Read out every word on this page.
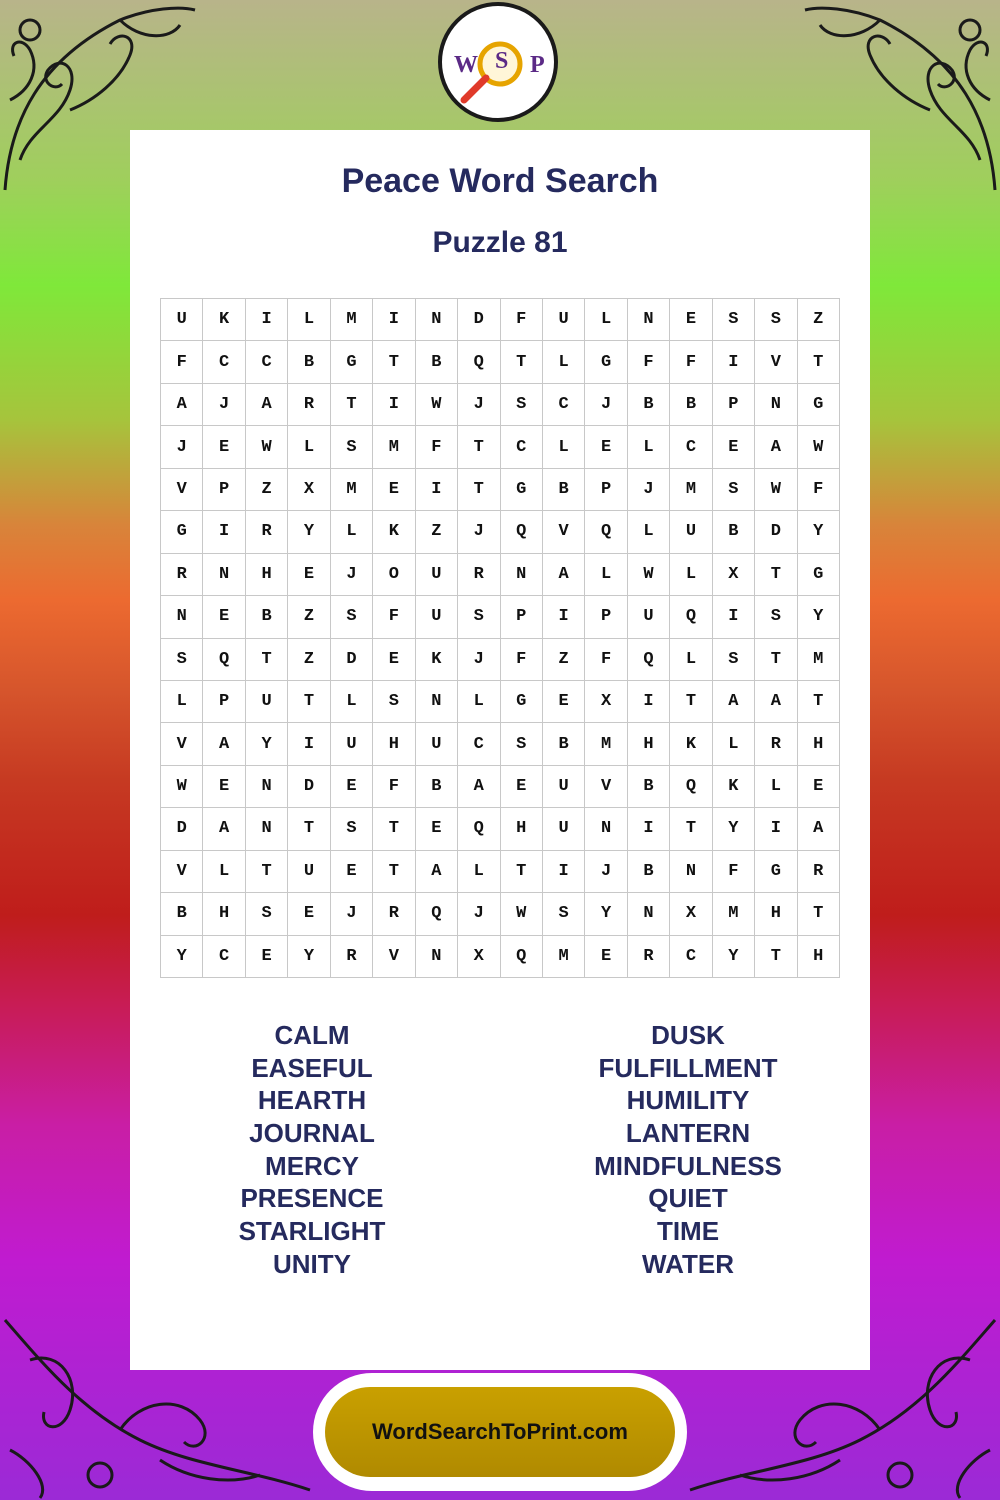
W S P
Peace Word Search
Puzzle 81
U	K	I	L	M	I	N	D	F	U	L	N	E	S	S	Z
F	C	C	B	G	T	B	Q	T	L	G	F	F	I	V	T
A	J	A	R	T	I	W	J	S	C	J	B	B	P	N	G
J	E	W	L	S	M	F	T	C	L	E	L	C	E	A	W
V	P	Z	X	M	E	I	T	G	B	P	J	M	S	W	F
G	I	R	Y	L	K	Z	J	Q	V	Q	L	U	B	D	Y
R	N	H	E	J	O	U	R	N	A	L	W	L	X	T	G
N	E	B	Z	S	F	U	S	P	I	P	U	Q	I	S	Y
S	Q	T	Z	D	E	K	J	F	Z	F	Q	L	S	T	M
L	P	U	T	L	S	N	L	G	E	X	I	T	A	A	T
V	A	Y	I	U	H	U	C	S	B	M	H	K	L	R	H
W	E	N	D	E	F	B	A	E	U	V	B	Q	K	L	E
D	A	N	T	S	T	E	Q	H	U	N	I	T	Y	I	A
V	L	T	U	E	T	A	L	T	I	J	B	N	F	G	R
B	H	S	E	J	R	Q	J	W	S	Y	N	X	M	H	T
Y	C	E	Y	R	V	N	X	Q	M	E	R	C	Y	T	H
CALM
EASEFUL
HEARTH
JOURNAL
MERCY
PRESENCE
STARLIGHT
UNITY
DUSK
FULFILLMENT
HUMILITY
LANTERN
MINDFULNESS
QUIET
TIME
WATER
WordSearchToPrint.com
